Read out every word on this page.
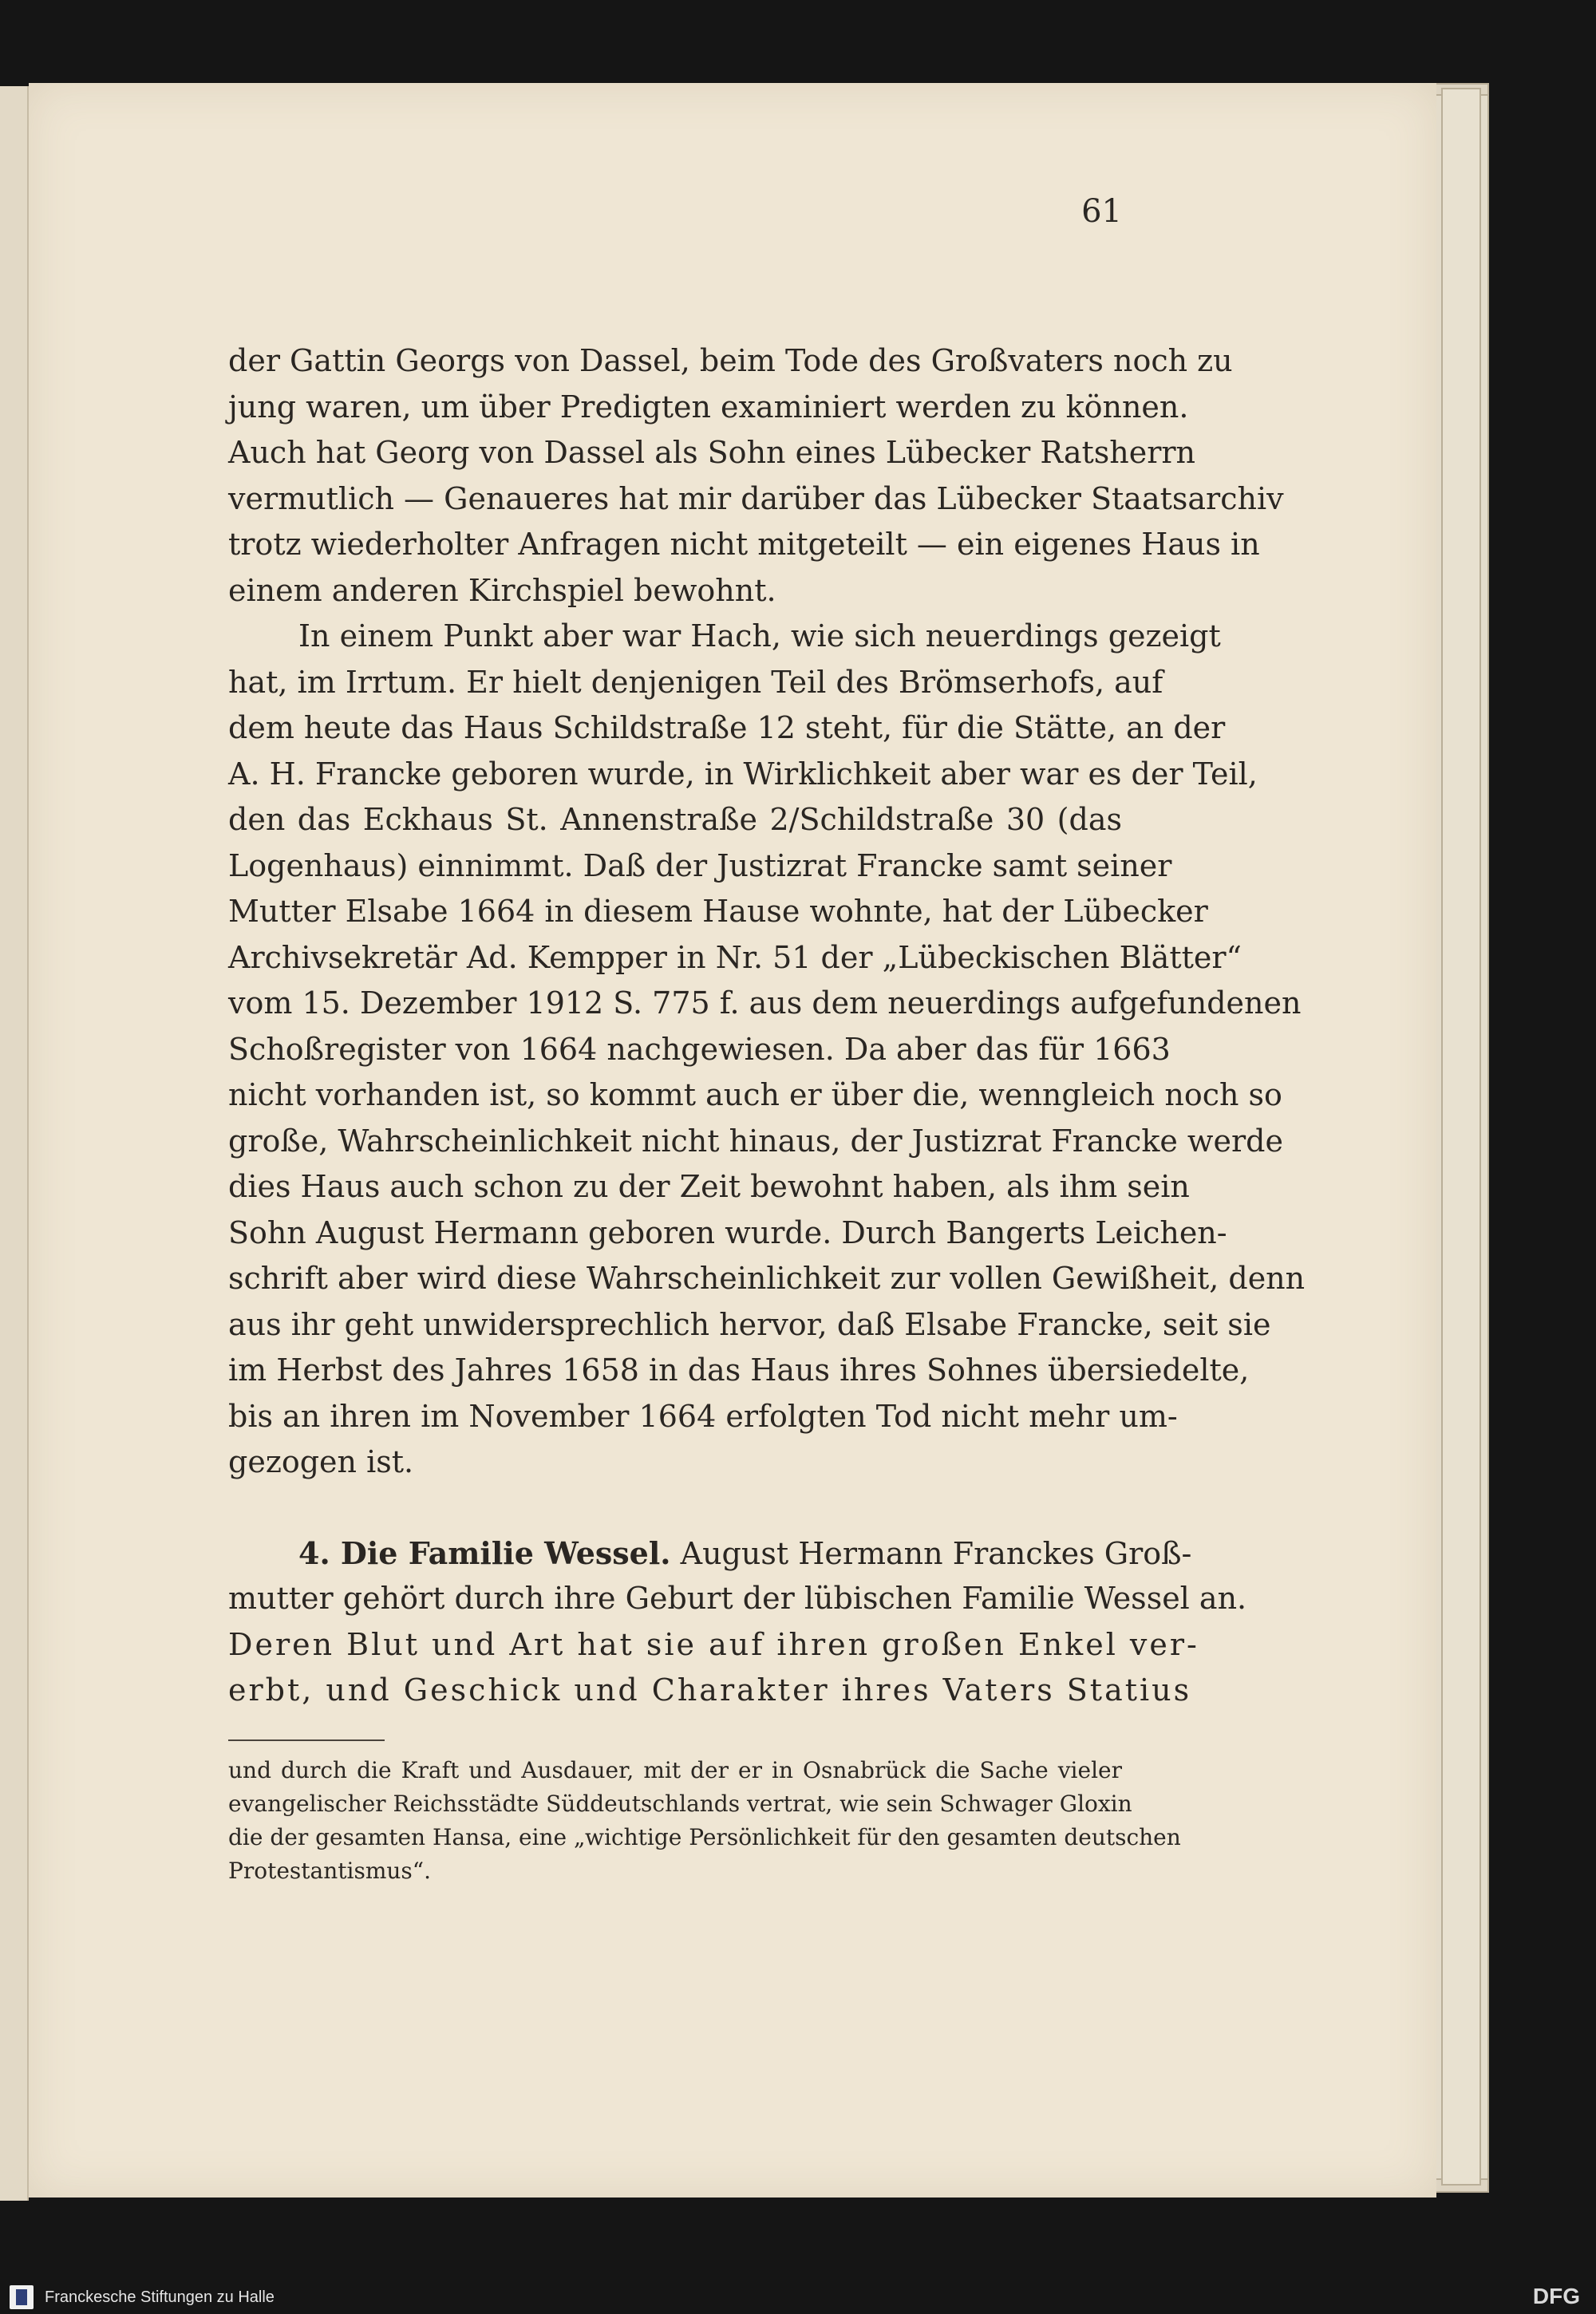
61

der Gattin Georgs von Dassel, beim Tode des Großvaters noch zu
jung waren, um über Predigten examiniert werden zu können.
Auch hat Georg von Dassel als Sohn eines Lübecker Ratsherrn
vermutlich — Genaueres hat mir darüber das Lübecker Staatsarchiv
trotz wiederholter Anfragen nicht mitgeteilt — ein eigenes Haus in
einem anderen Kirchspiel bewohnt.
In einem Punkt aber war Hach, wie sich neuerdings gezeigt
hat, im Irrtum. Er hielt denjenigen Teil des Brömserhofs, auf
dem heute das Haus Schildstraße 12 steht, für die Stätte, an der
A. H. Francke geboren wurde, in Wirklichkeit aber war es der Teil,
den das Eckhaus St. Annenstraße 2/Schildstraße 30 (das
Logenhaus) einnimmt. Daß der Justizrat Francke samt seiner
Mutter Elsabe 1664 in diesem Hause wohnte, hat der Lübecker
Archivsekretär Ad. Kempper in Nr. 51 der „Lübeckischen Blätter“
vom 15. Dezember 1912 S. 775 f. aus dem neuerdings aufgefundenen
Schoßregister von 1664 nachgewiesen. Da aber das für 1663
nicht vorhanden ist, so kommt auch er über die, wenngleich noch so
große, Wahrscheinlichkeit nicht hinaus, der Justizrat Francke werde
dies Haus auch schon zu der Zeit bewohnt haben, als ihm sein
Sohn August Hermann geboren wurde. Durch Bangerts Leichen-
schrift aber wird diese Wahrscheinlichkeit zur vollen Gewißheit, denn
aus ihr geht unwidersprechlich hervor, daß Elsabe Francke, seit sie
im Herbst des Jahres 1658 in das Haus ihres Sohnes übersiedelte,
bis an ihren im November 1664 erfolgten Tod nicht mehr um-
gezogen ist.
4. Die Familie Wessel. August Hermann Franckes Groß-
mutter gehört durch ihre Geburt der lübischen Familie Wessel an.
Deren Blut und Art hat sie auf ihren großen Enkel ver-
erbt, und Geschick und Charakter ihres Vaters Statius
und durch die Kraft und Ausdauer, mit der er in Osnabrück die Sache vieler
evangelischer Reichsstädte Süddeutschlands vertrat, wie sein Schwager Gloxin
die der gesamten Hansa, eine „wichtige Persönlichkeit für den gesamten deutschen
Protestantismus“.
Franckesche Stiftungen zu Halle	DFG
